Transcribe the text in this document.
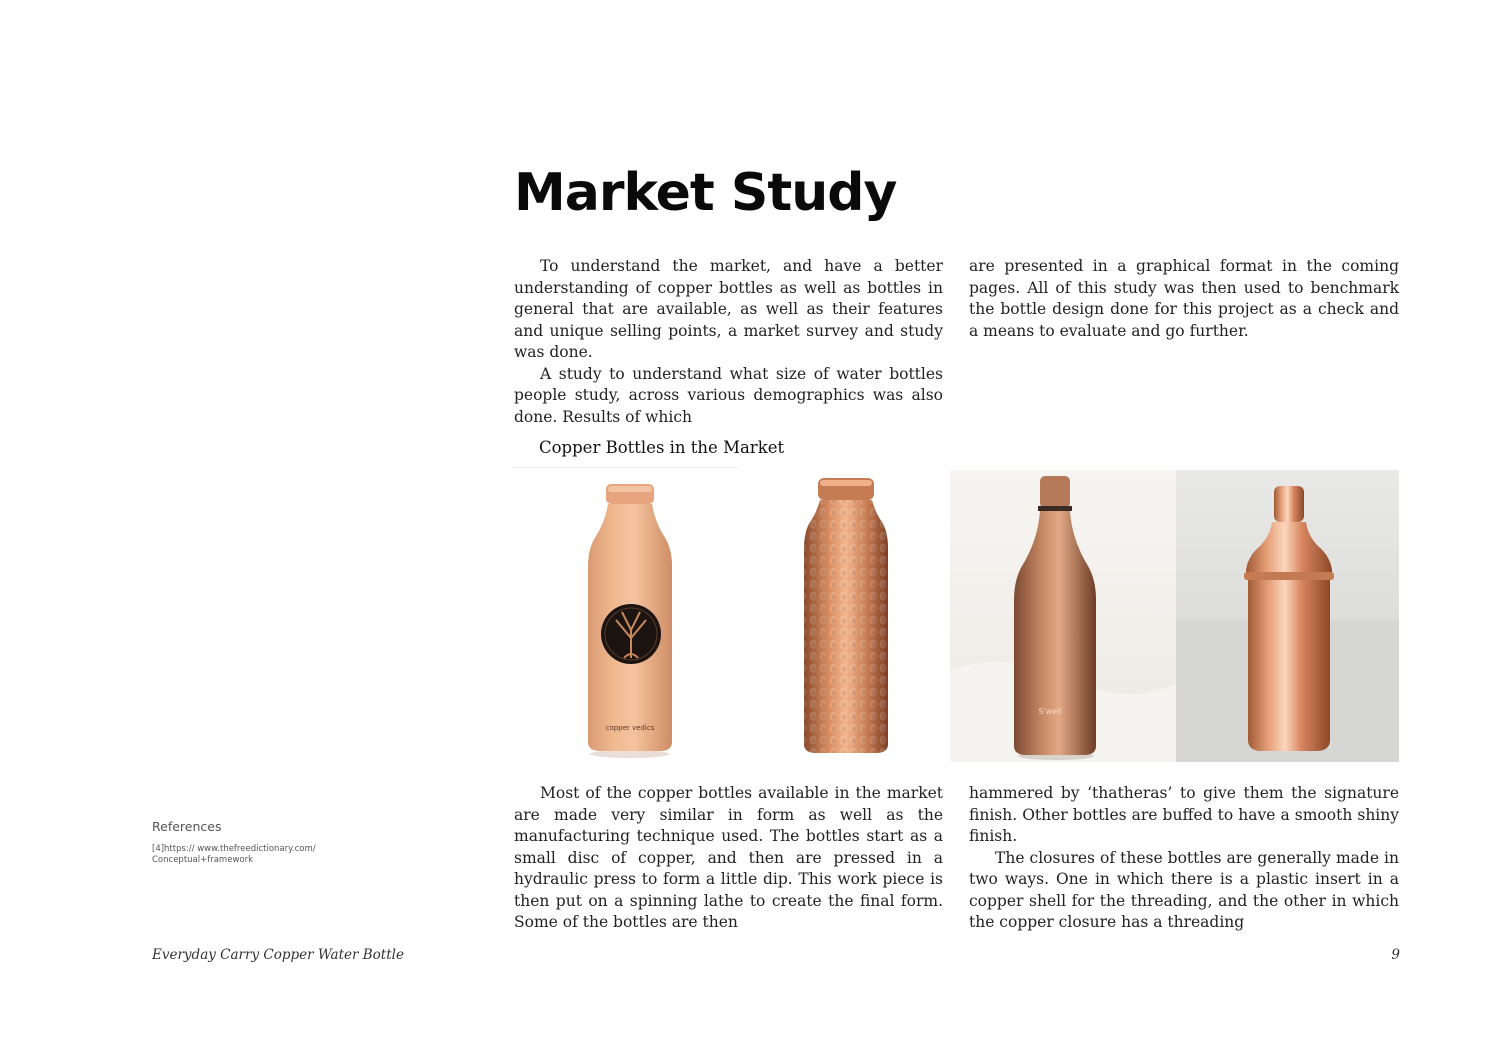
Market Study

To understand the market, and have a better understanding of copper bottles as well as bottles in general that are available, as well as their features and unique selling points, a market survey and study was done.

A study to understand what size of water bottles people study, across various demographics was also done. Results of which

are presented in a graphical format in the coming pages. All of this study was then used to benchmark the bottle design done for this project as a check and a means to evaluate and go further.

Copper Bottles in the Market
copper vedics
S'well

Most of the copper bottles available in the market are made very similar in form as well as the manufacturing technique used. The bottles start as a small disc of copper, and then are pressed in a hydraulic press to form a little dip. This work piece is then put on a spinning lathe to create the final form. Some of the bottles are then

hammered by ‘thatheras’ to give them the signature finish. Other bottles are buffed to have a smooth shiny finish.

The closures of these bottles are generally made in two ways. One in which there is a plastic insert in a copper shell for the threading, and the other in which the copper closure has a threading

References
[4]https:// www.thefreedictionary.com/ Conceptual+framework
Everyday Carry Copper Water Bottle	9
